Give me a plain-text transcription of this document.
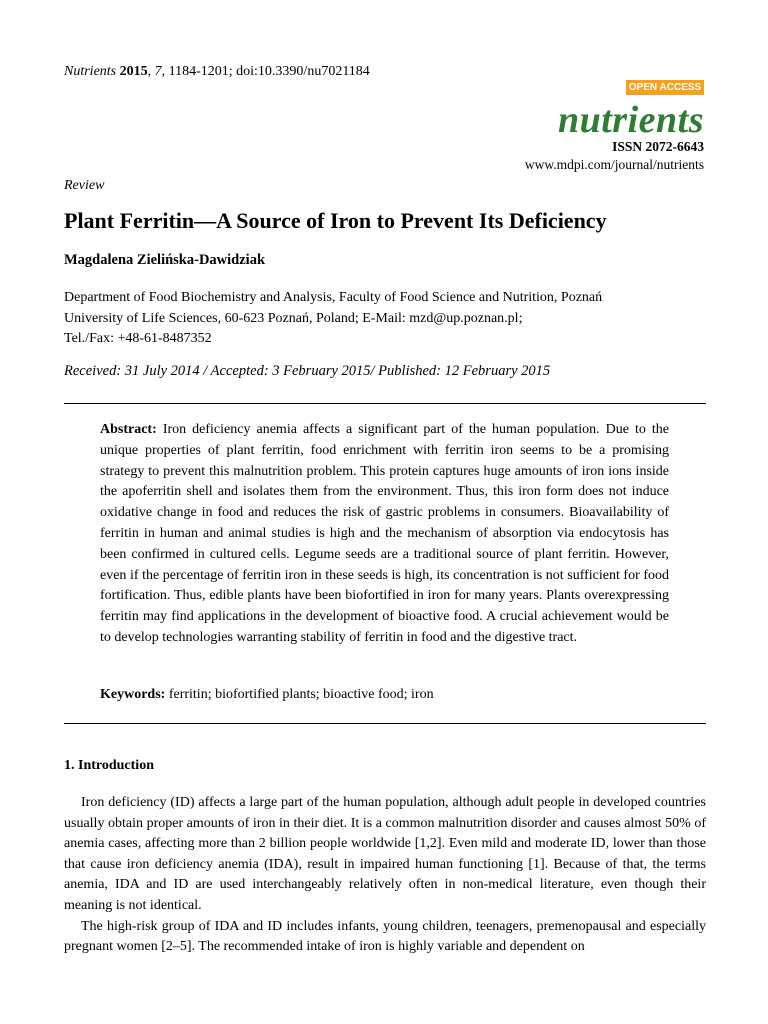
Nutrients 2015, 7, 1184-1201; doi:10.3390/nu7021184
OPEN ACCESS
nutrients
ISSN 2072-6643
www.mdpi.com/journal/nutrients
Review
Plant Ferritin—A Source of Iron to Prevent Its Deficiency
Magdalena Zielińska-Dawidziak
Department of Food Biochemistry and Analysis, Faculty of Food Science and Nutrition, Poznań
University of Life Sciences, 60-623 Poznań, Poland; E-Mail: mzd@up.poznan.pl;
Tel./Fax: +48-61-8487352
Received: 31 July 2014 / Accepted: 3 February 2015/ Published: 12 February 2015
Abstract: Iron deficiency anemia affects a significant part of the human population. Due to the unique properties of plant ferritin, food enrichment with ferritin iron seems to be a promising strategy to prevent this malnutrition problem. This protein captures huge amounts of iron ions inside the apoferritin shell and isolates them from the environment. Thus, this iron form does not induce oxidative change in food and reduces the risk of gastric problems in consumers. Bioavailability of ferritin in human and animal studies is high and the mechanism of absorption via endocytosis has been confirmed in cultured cells. Legume seeds are a traditional source of plant ferritin. However, even if the percentage of ferritin iron in these seeds is high, its concentration is not sufficient for food fortification. Thus, edible plants have been biofortified in iron for many years. Plants overexpressing ferritin may find applications in the development of bioactive food. A crucial achievement would be to develop technologies warranting stability of ferritin in food and the digestive tract.
Keywords: ferritin; biofortified plants; bioactive food; iron
1. Introduction

Iron deficiency (ID) affects a large part of the human population, although adult people in developed countries usually obtain proper amounts of iron in their diet. It is a common malnutrition disorder and causes almost 50% of anemia cases, affecting more than 2 billion people worldwide [1,2]. Even mild and moderate ID, lower than those that cause iron deficiency anemia (IDA), result in impaired human functioning [1]. Because of that, the terms anemia, IDA and ID are used interchangeably relatively often in non-medical literature, even though their meaning is not identical.

The high-risk group of IDA and ID includes infants, young children, teenagers, premenopausal and especially pregnant women [2–5]. The recommended intake of iron is highly variable and dependent on
